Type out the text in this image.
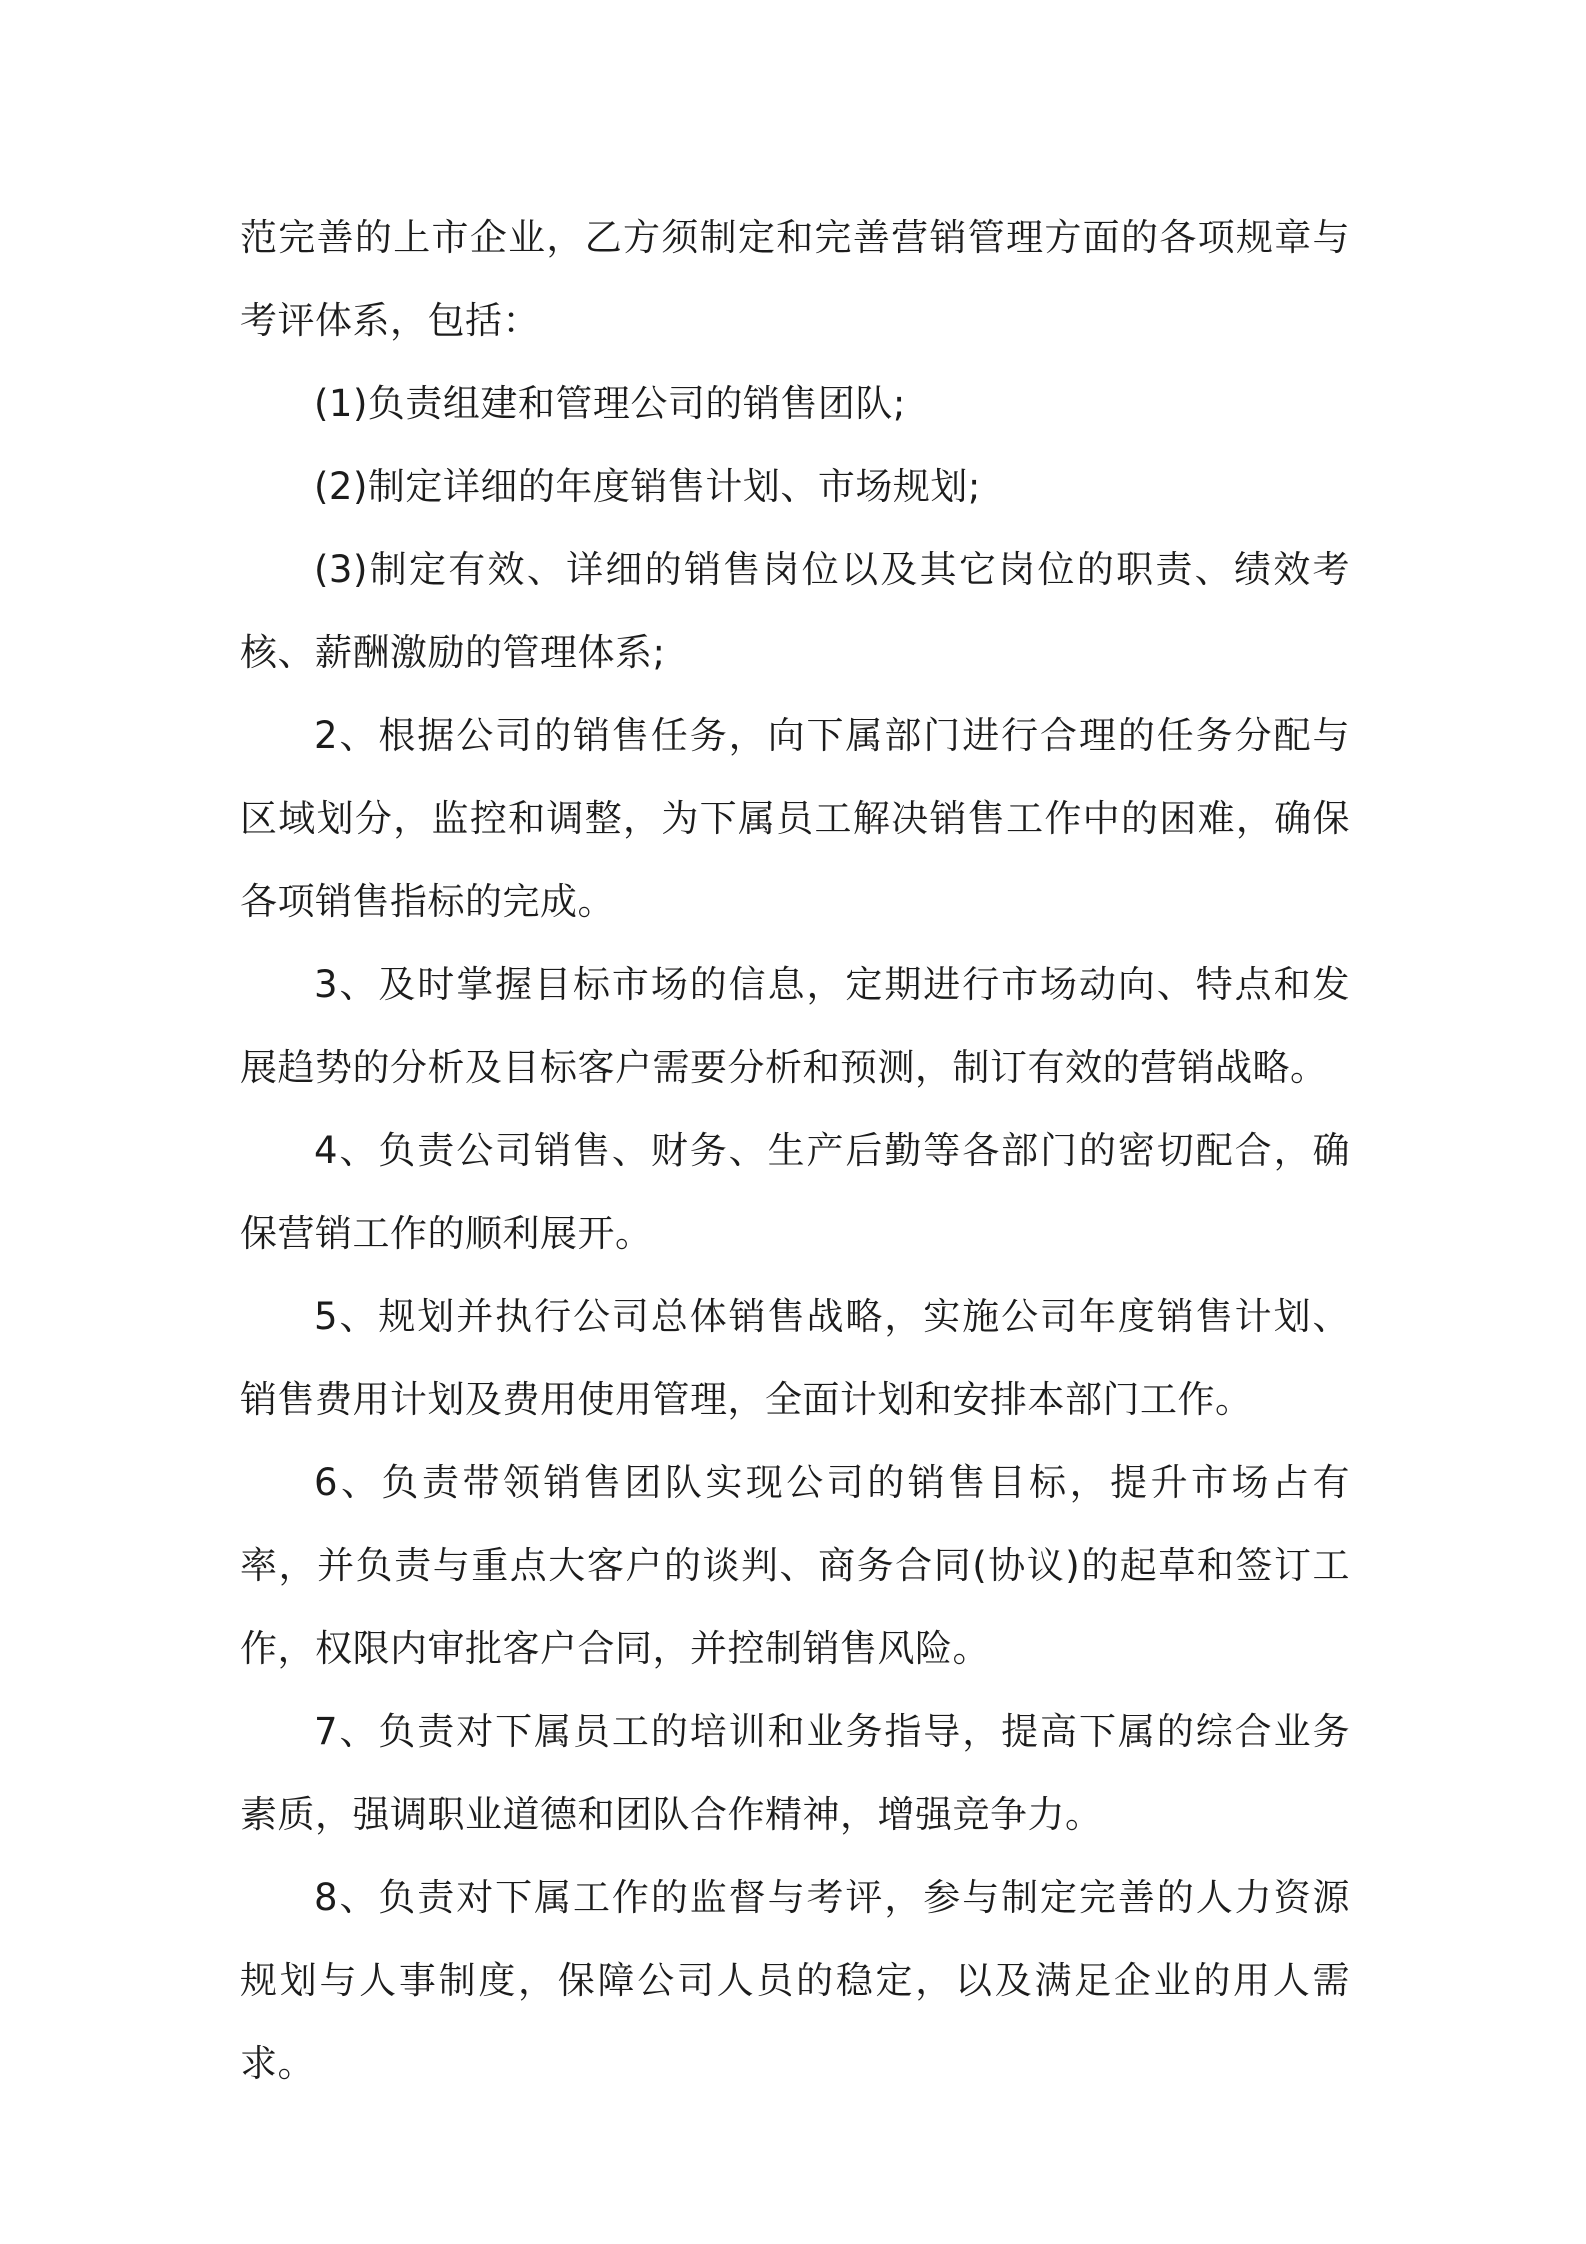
范完善的上市企业，乙方须制定和完善营销管理方面的各项规章与考评体系，包括：

(1)负责组建和管理公司的销售团队;

(2)制定详细的年度销售计划、市场规划;

(3)制定有效、详细的销售岗位以及其它岗位的职责、绩效考核、薪酬激励的管理体系;

2、根据公司的销售任务，向下属部门进行合理的任务分配与区域划分，监控和调整，为下属员工解决销售工作中的困难，确保各项销售指标的完成。

3、及时掌握目标市场的信息，定期进行市场动向、特点和发展趋势的分析及目标客户需要分析和预测，制订有效的营销战略。

4、负责公司销售、财务、生产后勤等各部门的密切配合，确保营销工作的顺利展开。

5、规划并执行公司总体销售战略，实施公司年度销售计划、销售费用计划及费用使用管理，全面计划和安排本部门工作。

6、负责带领销售团队实现公司的销售目标，提升市场占有率，并负责与重点大客户的谈判、商务合同(协议)的起草和签订工作，权限内审批客户合同，并控制销售风险。

7、负责对下属员工的培训和业务指导，提高下属的综合业务素质，强调职业道德和团队合作精神，增强竞争力。

8、负责对下属工作的监督与考评，参与制定完善的人力资源规划与人事制度，保障公司人员的稳定，以及满足企业的用人需求。
